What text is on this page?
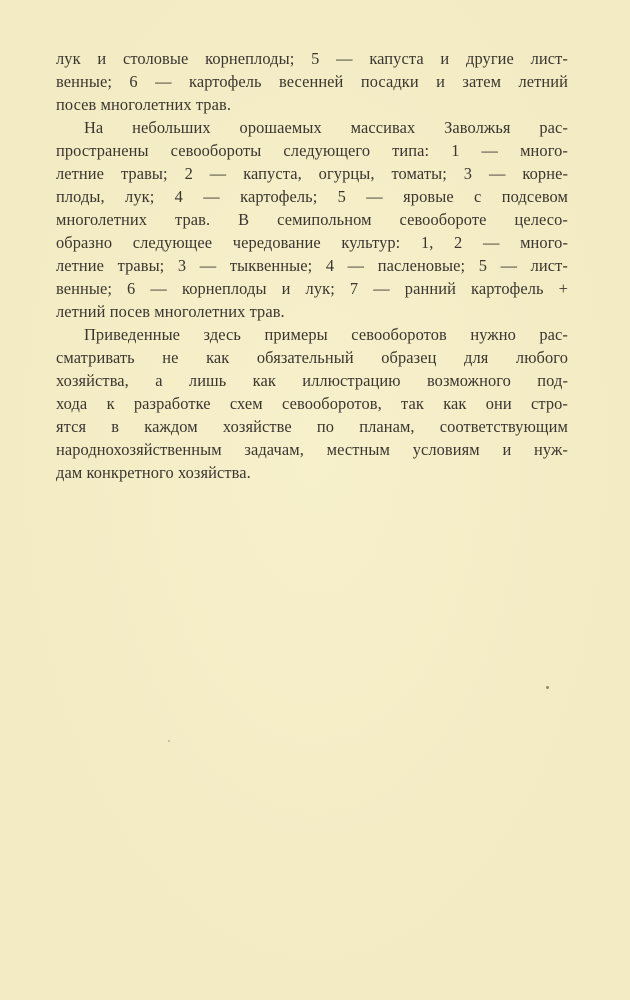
лук и столовые корнеплоды; 5 — капуста и другие лист-
венные; 6 — картофель весенней посадки и затем летний
посев многолетних трав.
На небольших орошаемых массивах Заволжья рас-
пространены севообороты следующего типа: 1 — много-
летние травы; 2 — капуста, огурцы, томаты; 3 — корне-
плоды, лук; 4 — картофель; 5 — яровые с подсевом
многолетних трав. В семипольном севообороте целесо-
образно следующее чередование культур: 1, 2 — много-
летние травы; 3 — тыквенные; 4 — пасленовые; 5 — лист-
венные; 6 — корнеплоды и лук; 7 — ранний картофель +
летний посев многолетних трав.
Приведенные здесь примеры севооборотов нужно рас-
сматривать не как обязательный образец для любого
хозяйства, а лишь как иллюстрацию возможного под-
хода к разработке схем севооборотов, так как они стро-
ятся в каждом хозяйстве по планам, соответствующим
народнохозяйственным задачам, местным условиям и нуж-
дам конкретного хозяйства.
